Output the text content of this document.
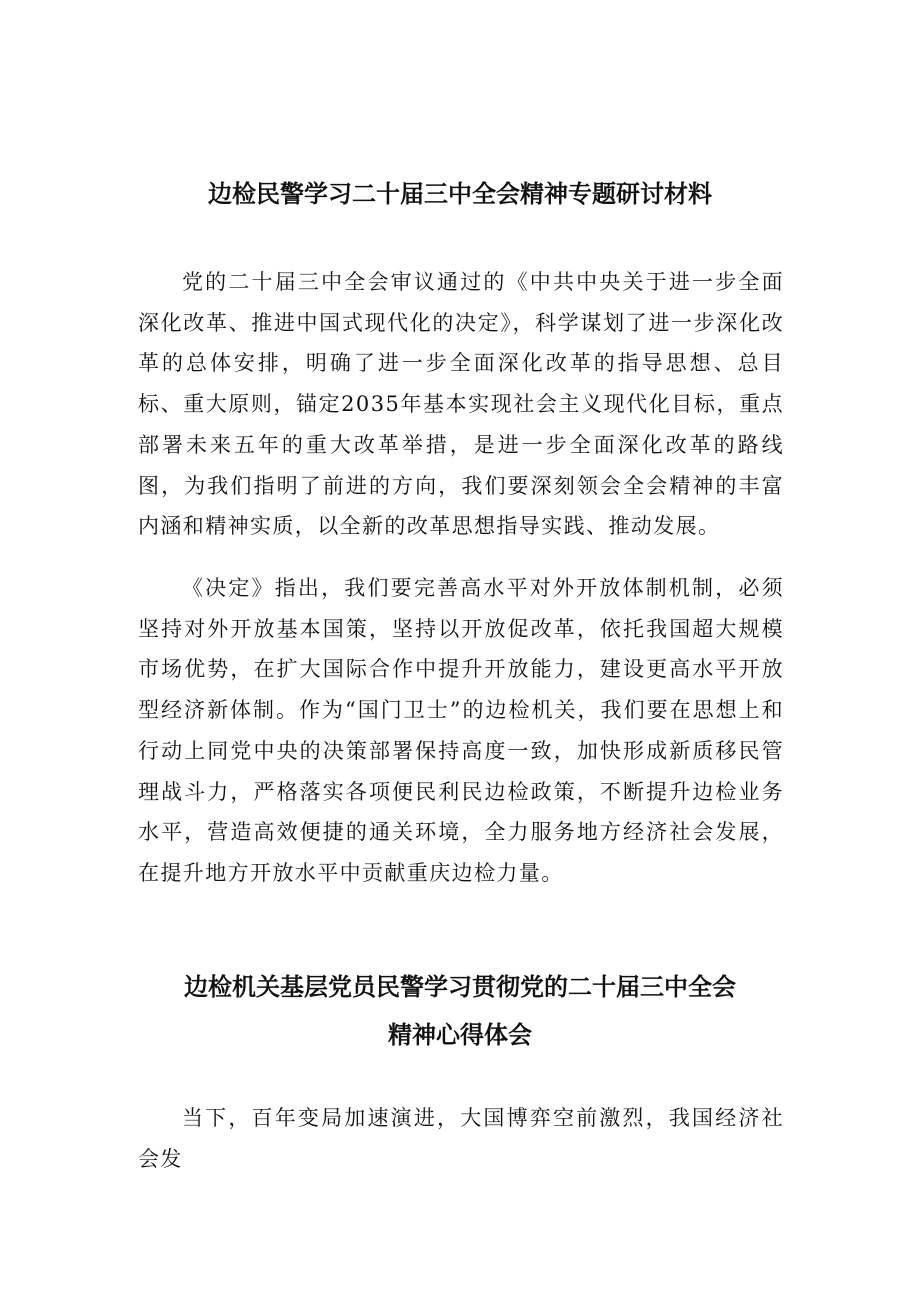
边检民警学习二十届三中全会精神专题研讨材料

党的二十届三中全会审议通过的《中共中央关于进一步全面深化改革、推进中国式现代化的决定》，科学谋划了进一步深化改革的总体安排，明确了进一步全面深化改革的指导思想、总目标、重大原则，锚定2035年基本实现社会主义现代化目标，重点部署未来五年的重大改革举措，是进一步全面深化改革的路线图，为我们指明了前进的方向，我们要深刻领会全会精神的丰富内涵和精神实质，以全新的改革思想指导实践、推动发展。

《决定》指出，我们要完善高水平对外开放体制机制，必须坚持对外开放基本国策，坚持以开放促改革，依托我国超大规模市场优势，在扩大国际合作中提升开放能力，建设更高水平开放型经济新体制。作为“国门卫士”的边检机关，我们要在思想上和行动上同党中央的决策部署保持高度一致，加快形成新质移民管理战斗力，严格落实各项便民利民边检政策，不断提升边检业务水平，营造高效便捷的通关环境，全力服务地方经济社会发展，在提升地方开放水平中贡献重庆边检力量。

边检机关基层党员民警学习贯彻党的二十届三中全会
精神心得体会

当下，百年变局加速演进，大国博弈空前激烈，我国经济社会发
